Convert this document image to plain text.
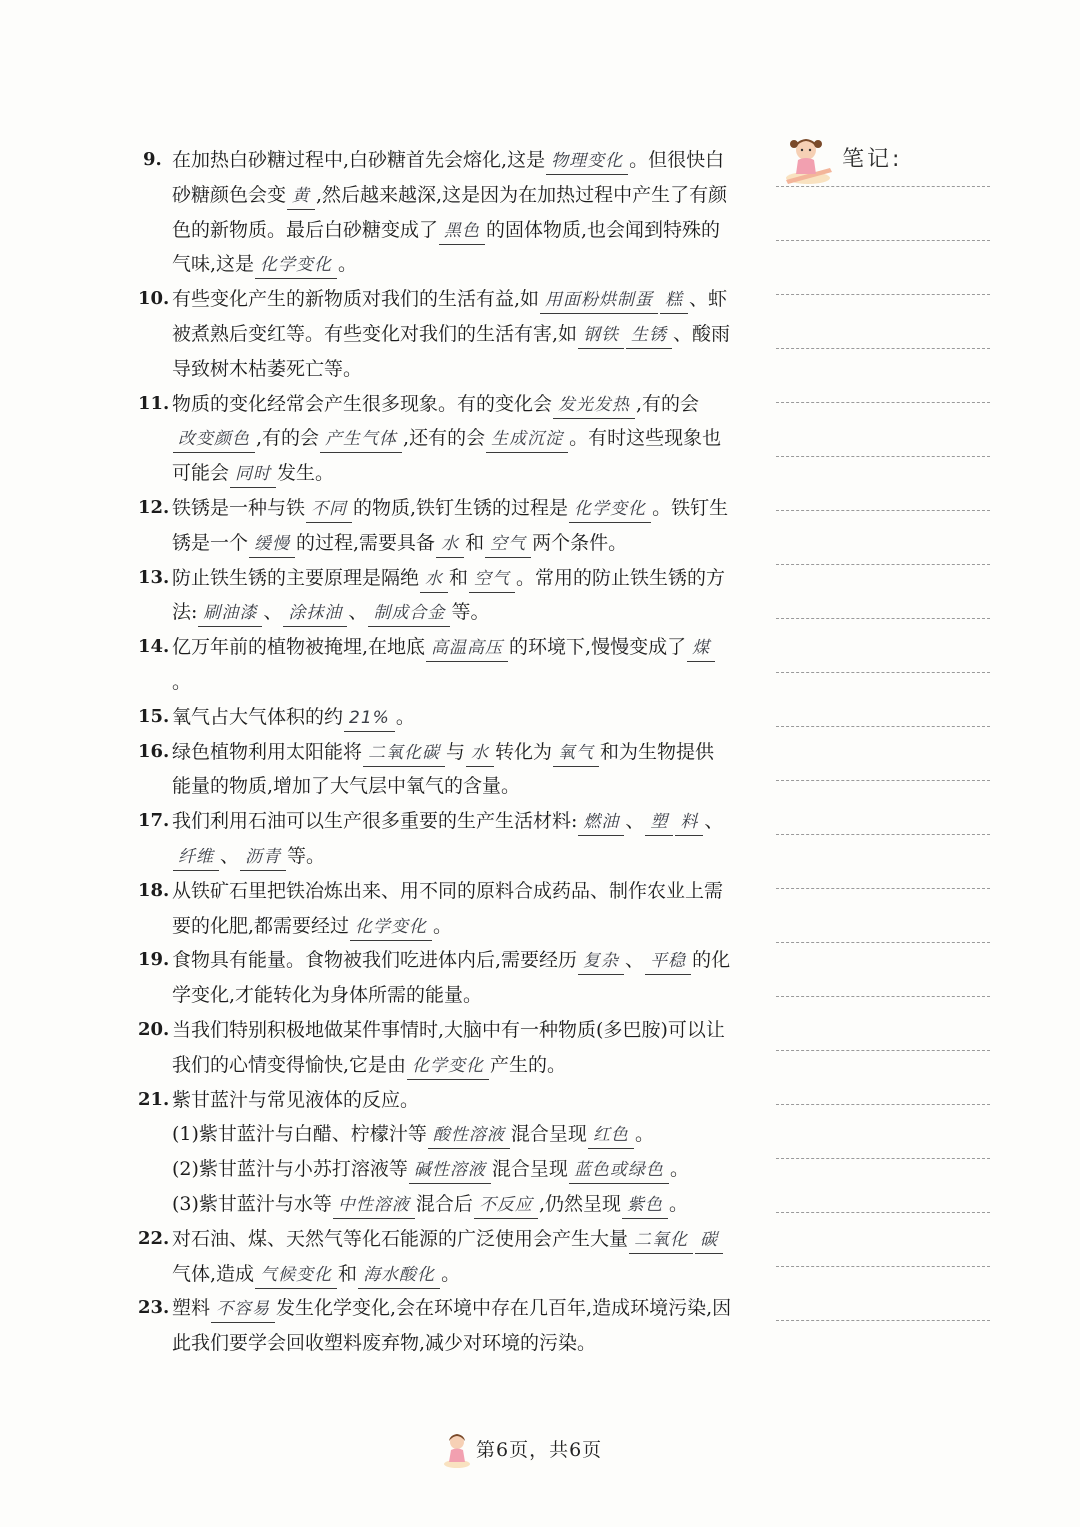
9. 在加热白砂糖过程中,白砂糖首先会熔化,这是 物理变化 。但很快白砂糖颜色会变 黄 ,然后越来越深,这是因为在加热过程中产生了有颜色的新物质。最后白砂糖变成了 黑色 的固体物质,也会闻到特殊的气味,这是 化学变化 。
10. 有些变化产生的新物质对我们的生活有益,如 用面粉烘制蛋 糕 、虾被煮熟后变红等。有些变化对我们的生活有害,如 钢铁 生锈 、酸雨导致树木枯萎死亡等。
11. 物质的变化经常会产生很多现象。有的变化会 发光发热 ,有的会改变颜色 ,有的会 产生气体 ,还有的会 生成沉淀 。有时这些现象也可能会 同时 发生。
12. 铁锈是一种与铁 不同 的物质,铁钉生锈的过程是 化学变化 。铁钉生锈是一个 缓慢 的过程,需要具备 水 和 空气 两个条件。
13. 防止铁生锈的主要原理是隔绝 水 和 空气 。常用的防止铁生锈的方法: 刷油漆 、 涂抹油 、 制成合金 等。
14. 亿万年前的植物被掩埋,在地底 高温高压 的环境下,慢慢变成了 煤。
15. 氧气占大气体积的约 21% 。
16. 绿色植物利用太阳能将 二氧化碳 与 水 转化为 氧气 和为生物提供能量的物质,增加了大气层中氧气的含量。
17. 我们利用石油可以生产很多重要的生产生活材料: 燃油 、 塑 料 、纤维 、 沥青 等。
18. 从铁矿石里把铁冶炼出来、用不同的原料合成药品、制作农业上需要的化肥,都需要经过 化学变化 。
19. 食物具有能量。食物被我们吃进体内后,需要经历 复杂 、 平稳 的化学变化,才能转化为身体所需的能量。
20. 当我们特别积极地做某件事情时,大脑中有一种物质(多巴胺)可以让我们的心情变得愉快,它是由 化学变化 产生的。
21. 紫甘蓝汁与常见液体的反应。
(1)紫甘蓝汁与白醋、柠檬汁等 酸性溶液 混合呈现 红色 。
(2)紫甘蓝汁与小苏打溶液等 碱性溶液 混合呈现 蓝色或绿色 。
(3)紫甘蓝汁与水等 中性溶液 混合后 不反应 ,仍然呈现 紫色 。
22. 对石油、煤、天然气等化石能源的广泛使用会产生大量 二氧化 碳气体,造成 气候变化 和 海水酸化 。
23. 塑料 不容易 发生化学变化,会在环境中存在几百年,造成环境污染,因此我们要学会回收塑料废弃物,减少对环境的污染。
笔记:
第6页，共6页
